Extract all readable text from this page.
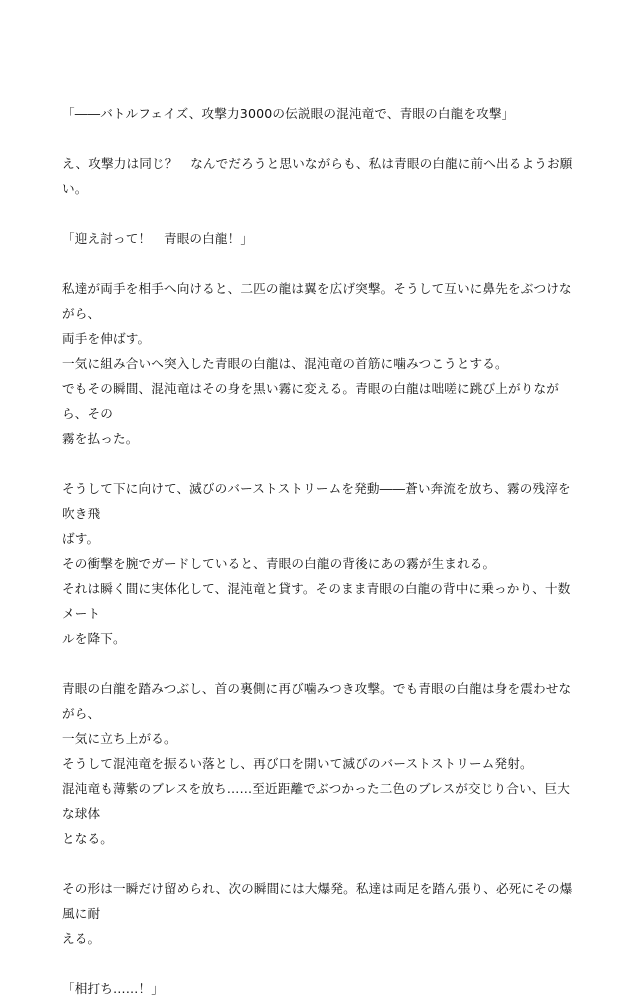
「――バトルフェイズ、攻撃力3000の伝説眼の混沌竜で、青眼の白龍を攻撃」
え、攻撃力は同じ？　なんでだろうと思いながらも、私は青眼の白龍に前へ出るようお願い。
「迎え討って！　青眼の白龍！」
私達が両手を相手へ向けると、二匹の龍は翼を広げ突撃。そうして互いに鼻先をぶつけながら、
両手を伸ばす。
一気に組み合いへ突入した青眼の白龍は、混沌竜の首筋に噛みつこうとする。
でもその瞬間、混沌竜はその身を黒い霧に変える。青眼の白龍は咄嗟に跳び上がりながら、その
霧を払った。
そうして下に向けて、滅びのバーストストリームを発動――蒼い奔流を放ち、霧の残滓を吹き飛
ばす。
その衝撃を腕でガードしていると、青眼の白龍の背後にあの霧が生まれる。
それは瞬く間に実体化して、混沌竜と貸す。そのまま青眼の白龍の背中に乗っかり、十数メート
ルを降下。
青眼の白龍を踏みつぶし、首の裏側に再び噛みつき攻撃。でも青眼の白龍は身を震わせながら、
一気に立ち上がる。
そうして混沌竜を振るい落とし、再び口を開いて滅びのバーストストリーム発射。
混沌竜も薄紫のブレスを放ち……至近距離でぶつかった二色のブレスが交じり合い、巨大な球体
となる。
その形は一瞬だけ留められ、次の瞬間には大爆発。私達は両足を踏ん張り、必死にその爆風に耐
える。
「相打ち……！」
